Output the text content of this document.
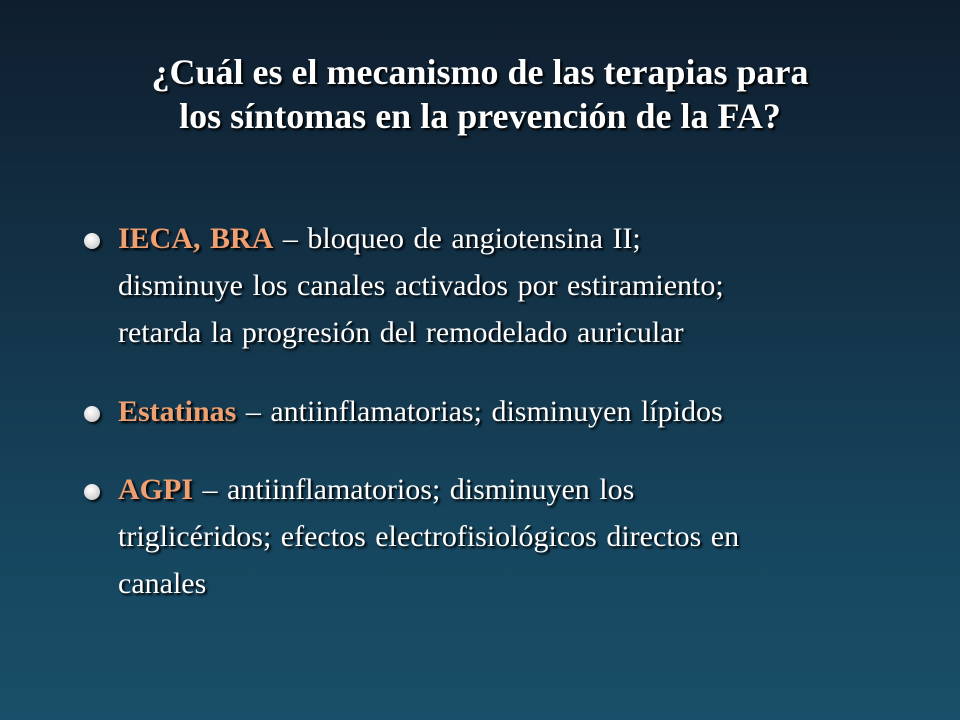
¿Cuál es el mecanismo de las terapias para
los síntomas en la prevención de la FA?
IECA, BRA – bloqueo de angiotensina II;
disminuye los canales activados por estiramiento;
retarda la progresión del remodelado auricular
Estatinas – antiinflamatorias; disminuyen lípidos
AGPI – antiinflamatorios; disminuyen los
triglicéridos; efectos electrofisiológicos directos en
canales
